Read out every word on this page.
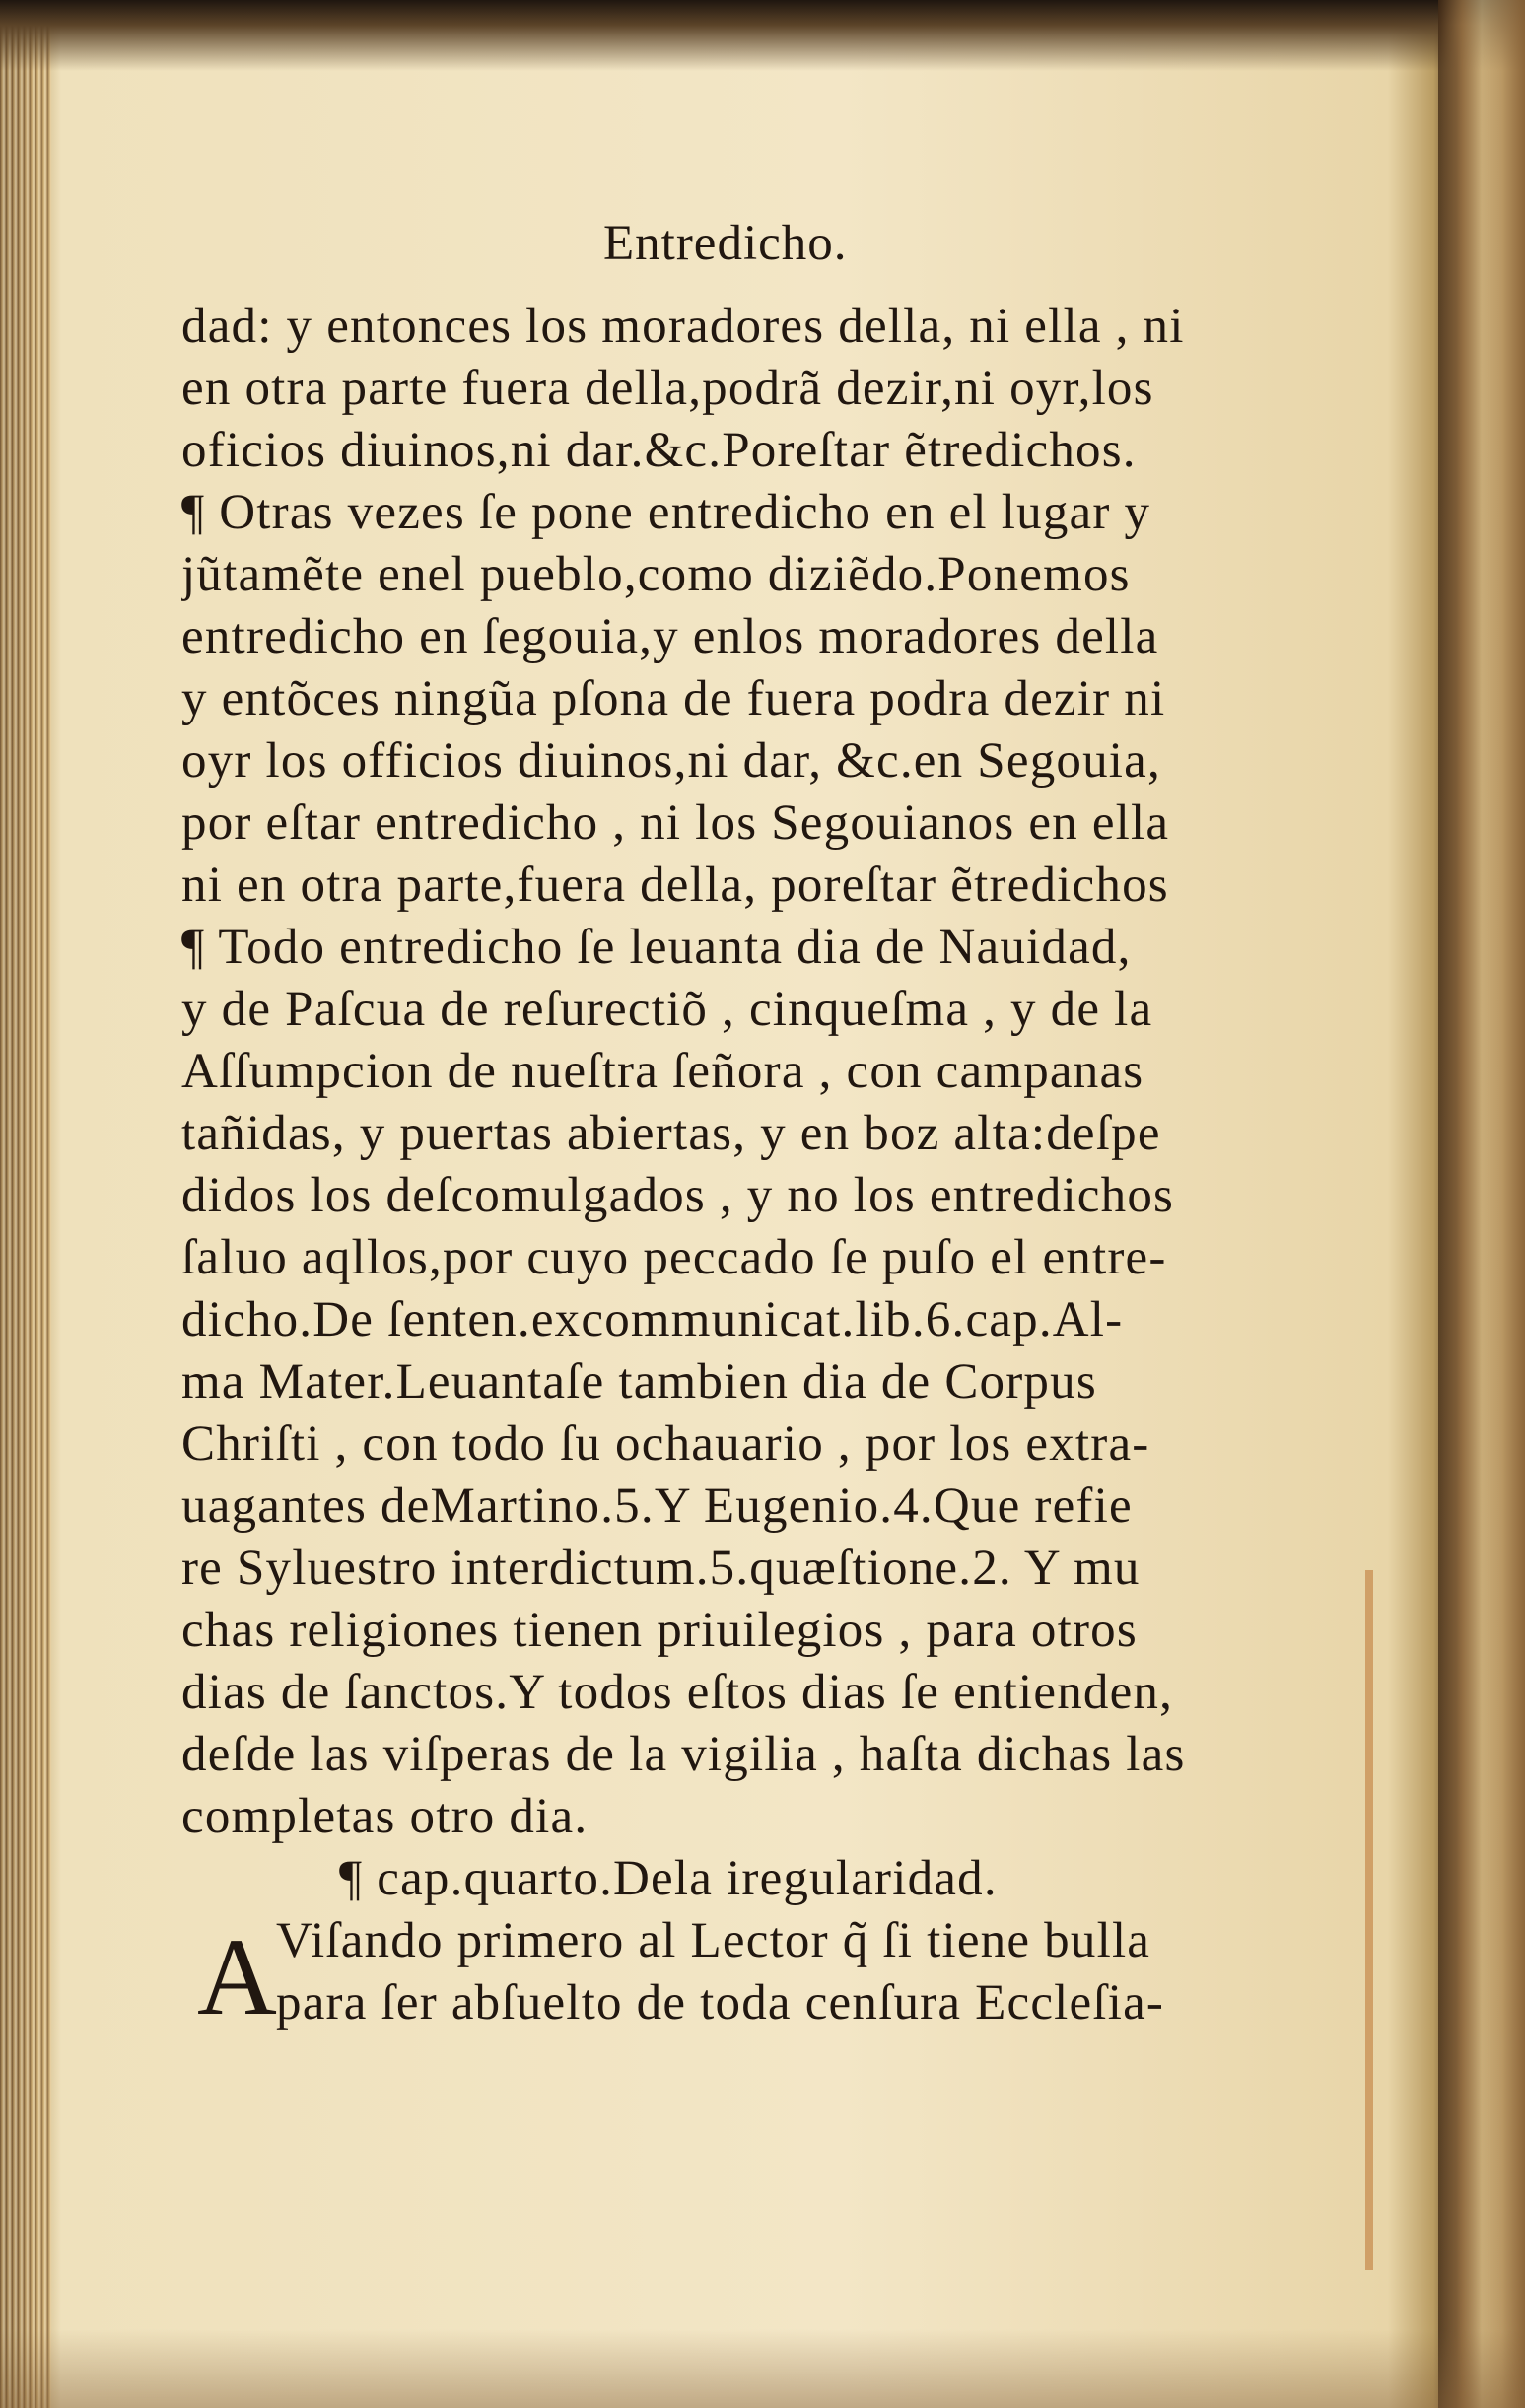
Entredicho.
dad: y entonces los moradores della, ni ella , ni
en otra parte fuera della,podrã dezir,ni oyr,los
oficios diuinos,ni dar.&c.Poreſtar ẽtredichos.
¶ Otras vezes ſe pone entredicho en el lugar y
jũtamẽte enel pueblo,como diziẽdo.Ponemos
entredicho en ſegouia,y enlos moradores della
y entõces ningũa pſona de fuera podra dezir ni
oyr los officios diuinos,ni dar, &c.en Segouia,
por eſtar entredicho , ni los Segouianos en ella
ni en otra parte,fuera della, poreſtar ẽtredichos
¶ Todo entredicho ſe leuanta dia de Nauidad,
y de Paſcua de reſurectiõ , cinqueſma , y de la
Aſſumpcion de nueſtra ſeñora , con campanas
tañidas, y puertas abiertas, y en boz alta:deſpe
didos los deſcomulgados , y no los entredichos
ſaluo aqllos,por cuyo peccado ſe puſo el entre-
dicho.De ſenten.excommunicat.lib.6.cap.Al-
ma Mater.Leuantaſe tambien dia de Corpus
Chriſti , con todo ſu ochauario , por los extra-
uagantes deMartino.5.Y Eugenio.4.Que refie
re Syluestro interdictum.5.quæſtione.2. Y mu
chas religiones tienen priuilegios , para otros
dias de ſanctos.Y todos eſtos dias ſe entienden,
deſde las viſperas de la vigilia , haſta dichas las
completas otro dia.
¶ cap.quarto.Dela iregularidad.
A
Viſando primero al Lector q̃ ſi tiene bulla
para ſer abſuelto de toda cenſura Eccleſia-
